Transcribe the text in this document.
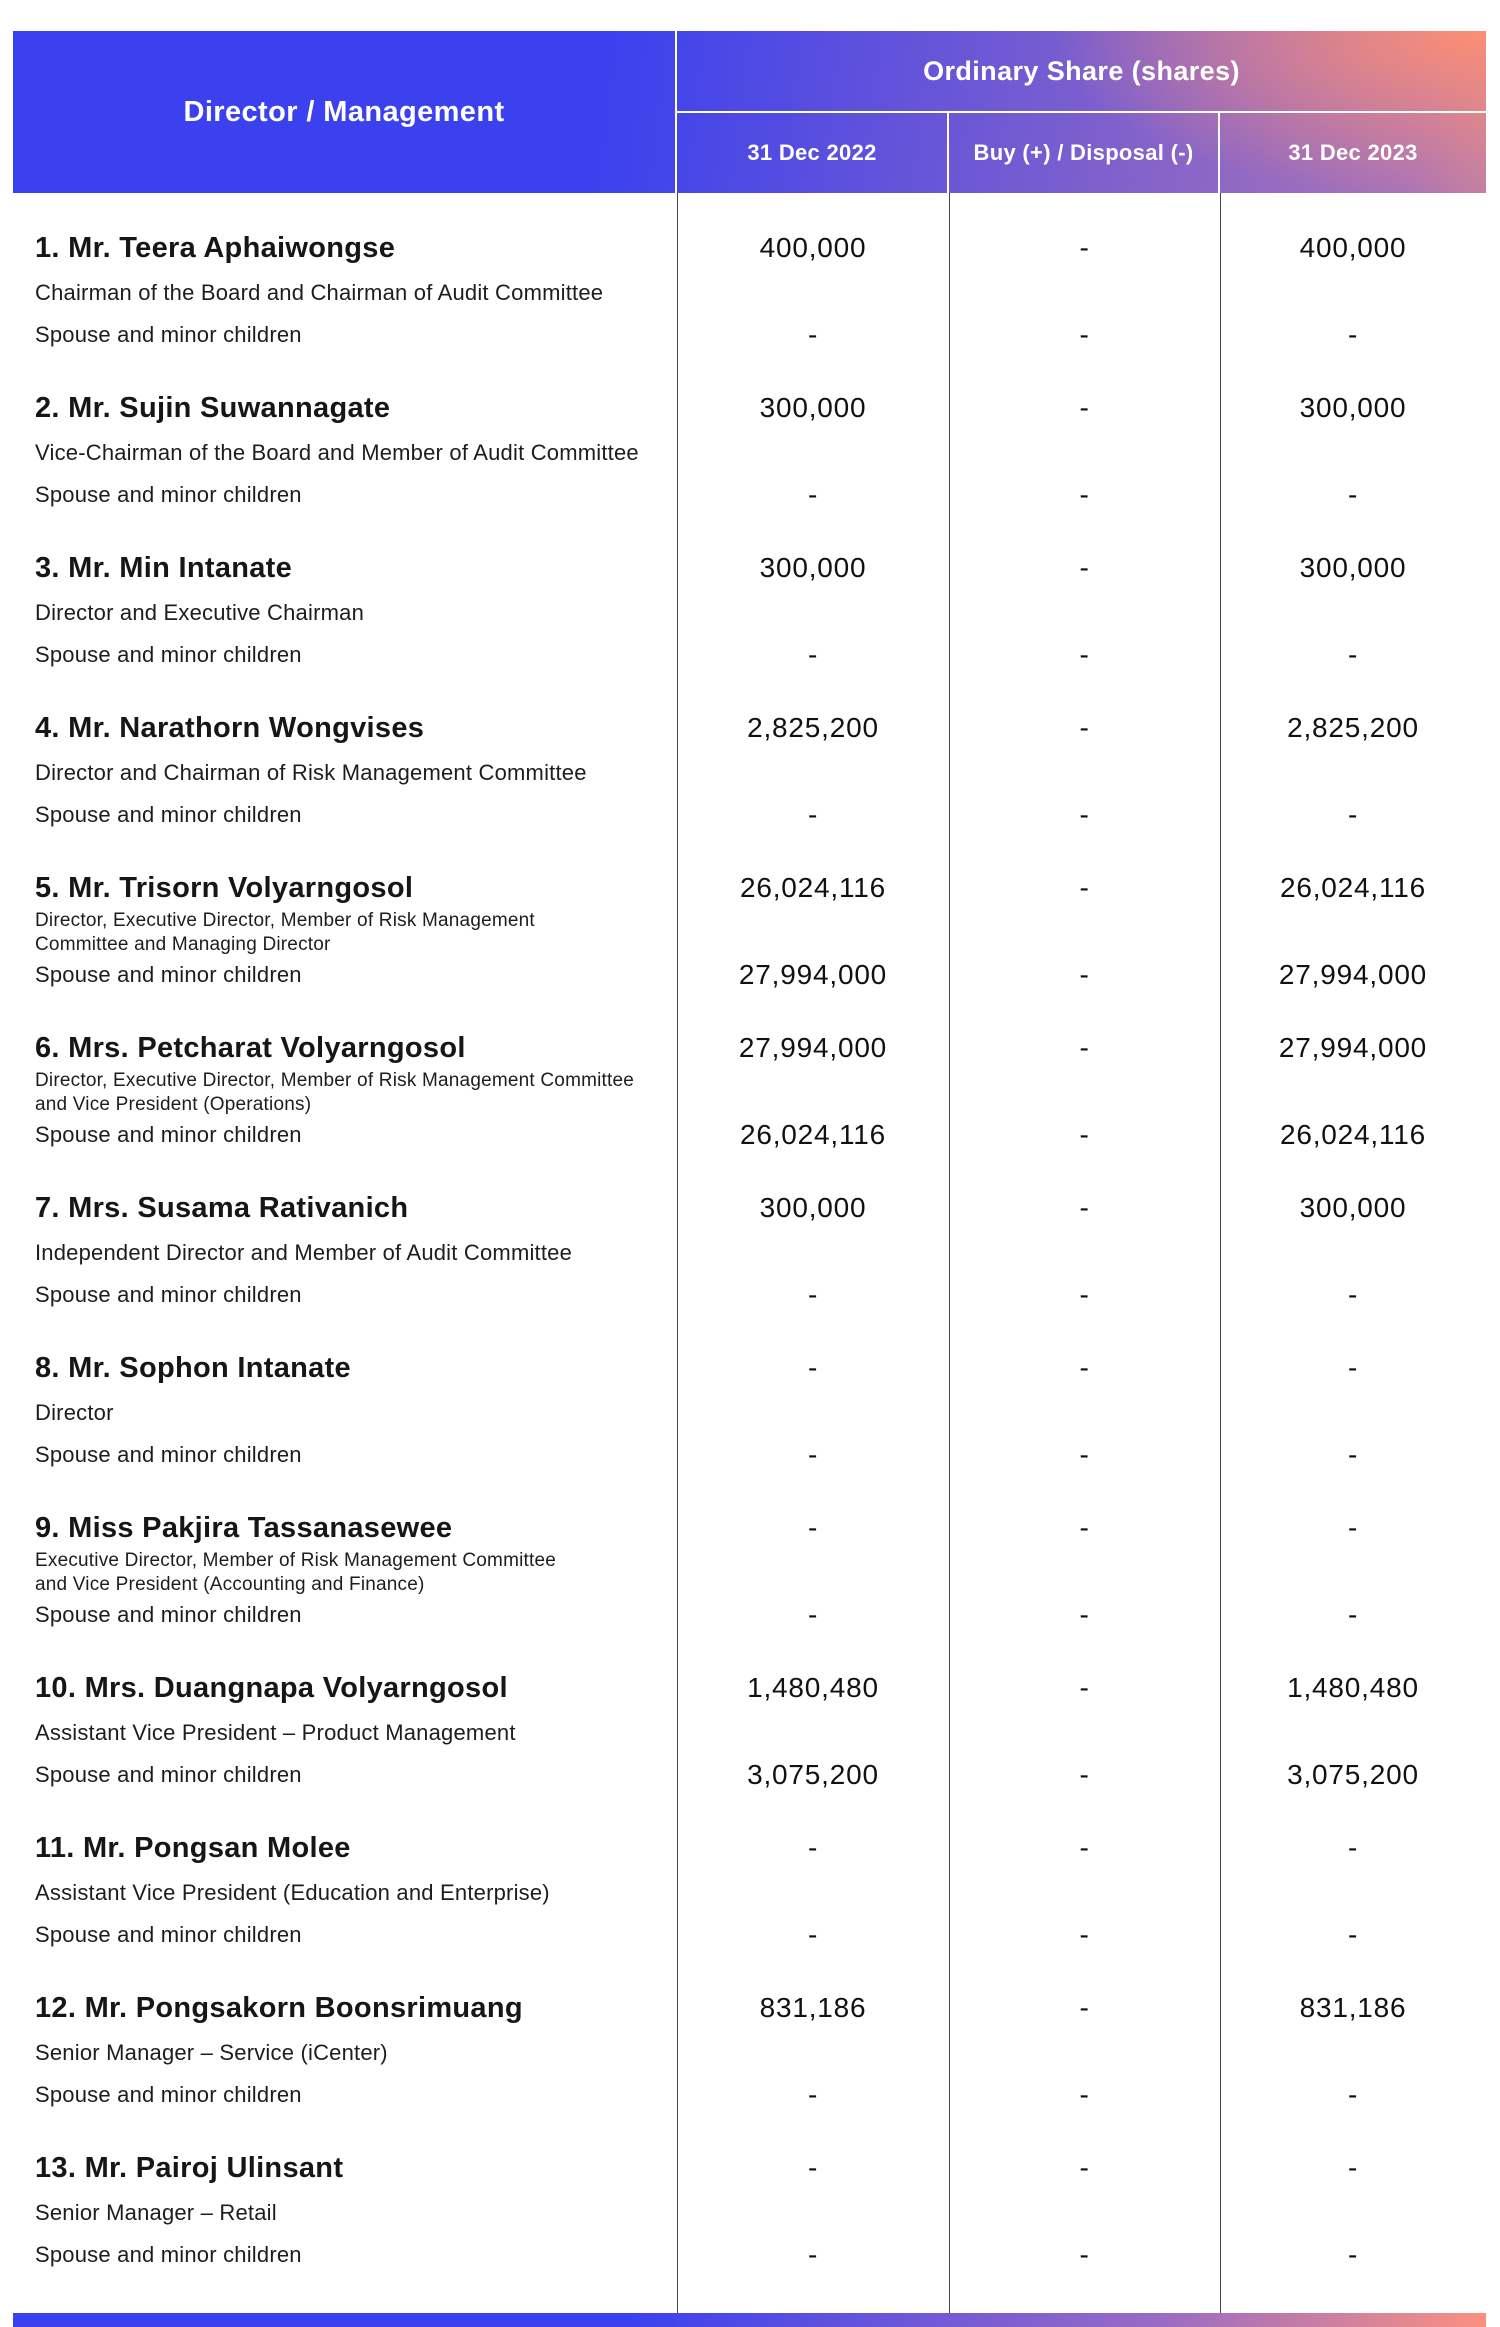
Director / Management
Ordinary Share (shares)
31 Dec 2022	Buy (+) / Disposal (-)	31 Dec 2023
1. Mr. Teera Aphaiwongse	400,000	-	400,000
Chairman of the Board and Chairman of Audit Committee
Spouse and minor children	-	-	-
2. Mr. Sujin Suwannagate	300,000	-	300,000
Vice-Chairman of the Board and Member of Audit Committee
Spouse and minor children	-	-	-
3. Mr. Min Intanate	300,000	-	300,000
Director and Executive Chairman
Spouse and minor children	-	-	-
4. Mr. Narathorn Wongvises	2,825,200	-	2,825,200
Director and Chairman of Risk Management Committee
Spouse and minor children	-	-	-
5. Mr. Trisorn Volyarngosol	26,024,116	-	26,024,116
Director, Executive Director, Member of Risk Management
Committee and Managing Director
Spouse and minor children	27,994,000	-	27,994,000
6. Mrs. Petcharat Volyarngosol	27,994,000	-	27,994,000
Director, Executive Director, Member of Risk Management Committee
and Vice President (Operations)
Spouse and minor children	26,024,116	-	26,024,116
7. Mrs. Susama Rativanich	300,000	-	300,000
Independent Director and Member of Audit Committee
Spouse and minor children	-	-	-
8. Mr. Sophon Intanate	-	-	-
Director
Spouse and minor children	-	-	-
9. Miss Pakjira Tassanasewee	-	-	-
Executive Director, Member of Risk Management Committee
and Vice President (Accounting and Finance)
Spouse and minor children	-	-	-
10. Mrs. Duangnapa Volyarngosol	1,480,480	-	1,480,480
Assistant Vice President – Product Management
Spouse and minor children	3,075,200	-	3,075,200
11. Mr. Pongsan Molee	-	-	-
Assistant Vice President (Education and Enterprise)
Spouse and minor children	-	-	-
12. Mr. Pongsakorn Boonsrimuang	831,186	-	831,186
Senior Manager – Service (iCenter)
Spouse and minor children	-	-	-
13. Mr. Pairoj Ulinsant	-	-	-
Senior Manager – Retail
Spouse and minor children	-	-	-
